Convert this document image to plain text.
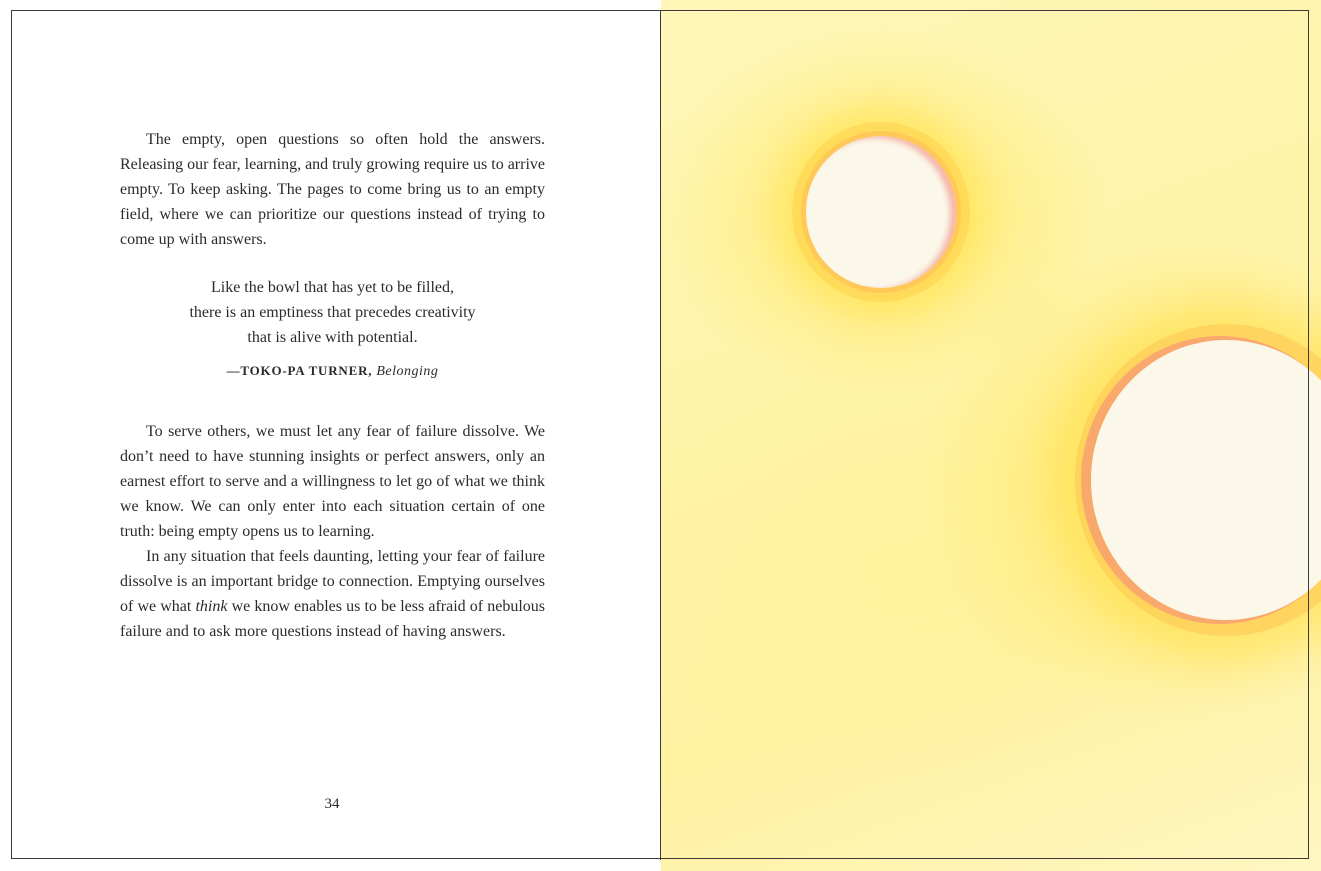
The empty, open questions so often hold the answers. Releasing our fear, learning, and truly growing require us to arrive empty. To keep asking. The pages to come bring us to an empty field, where we can prioritize our questions instead of trying to come up with answers.

Like the bowl that has yet to be filled,
there is an emptiness that precedes creativity
that is alive with potential.
—TOKO-PA TURNER, Belonging

To serve others, we must let any fear of failure dissolve. We don’t need to have stunning insights or perfect answers, only an earnest effort to serve and a willingness to let go of what we think we know. We can only enter into each situation certain of one truth: being empty opens us to learning.

In any situation that feels daunting, letting your fear of failure dissolve is an important bridge to connection. Emptying ourselves of we what think we know enables us to be less afraid of nebulous failure and to ask more questions instead of having answers.

34
